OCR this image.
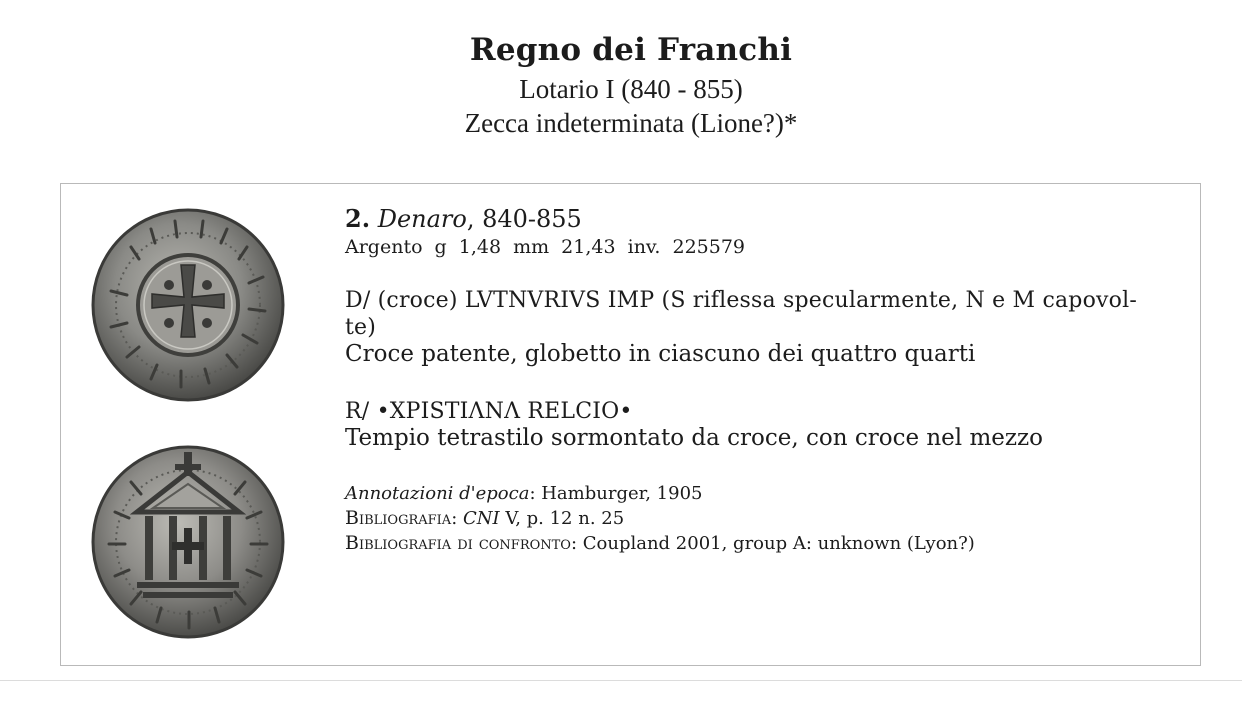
Regno dei Franchi

Lotario I (840 - 855)

Zecca indeterminata (Lione?)*

2. Denaro, 840-855

Argento g 1,48 mm 21,43 inv. 225579

D/ (croce) LVTNVRIVS IMP (S riflessa specularmente, N e M capovol-te)

Croce patente, globetto in ciascuno dei quattro quarti

R/ •XPISTIΛNΛ RELCIO•

Tempio tetrastilo sormontato da croce, con croce nel mezzo

Annotazioni d'epoca: Hamburger, 1905

Bibliografia: CNI V, p. 12 n. 25

Bibliografia di confronto: Coupland 2001, group A: unknown (Lyon?)
